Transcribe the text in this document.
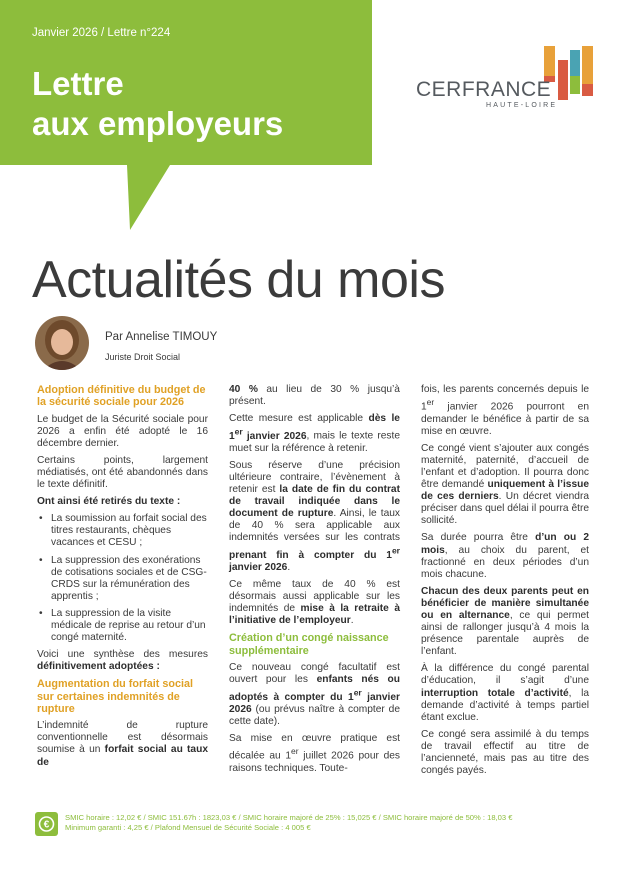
Janvier 2026 / Lettre n°224
Lettre
aux employeurs
CERFRANCE
HAUTE-LOIRE
Actualités du mois
Par Annelise TIMOUY
Juriste Droit Social
Adoption définitive du budget de la sécurité sociale pour 2026

Le budget de la Sécurité sociale pour 2026 a enfin été adopté le 16 décembre dernier.

Certains points, largement médiatisés, ont été abandonnés dans le texte définitif.

Ont ainsi été retirés du texte :

• La soumission au forfait social des titres restaurants, chèques vacances et CESU ;
• La suppression des exonérations de cotisations sociales et de CSG-CRDS sur la rémunération des apprentis ;
• La suppression de la visite médicale de reprise au retour d’un congé maternité.

Voici une synthèse des mesures définitivement adoptées :

Augmentation du forfait social sur certaines indemnités de rupture

L’indemnité de rupture conventionnelle est désormais soumise à un forfait social au taux de

40 % au lieu de 30 % jusqu’à présent.

Cette mesure est applicable dès le 1er janvier 2026, mais le texte reste muet sur la référence à retenir.

Sous réserve d’une précision ultérieure contraire, l’évènement à retenir est la date de fin du contrat de travail indiquée dans le document de rupture. Ainsi, le taux de 40 % sera applicable aux indemnités versées sur les contrats prenant fin à compter du 1er janvier 2026.

Ce même taux de 40 % est désormais aussi applicable sur les indemnités de mise à la retraite à l’initiative de l’employeur.

Création d’un congé naissance supplémentaire

Ce nouveau congé facultatif est ouvert pour les enfants nés ou adoptés à compter du 1er janvier 2026 (ou prévus naître à compter de cette date).

Sa mise en œuvre pratique est décalée au 1er juillet 2026 pour des raisons techniques. Toute-

fois, les parents concernés depuis le 1er janvier 2026 pourront en demander le bénéfice à partir de sa mise en œuvre.

Ce congé vient s’ajouter aux congés maternité, paternité, d’accueil de l’enfant et d’adoption. Il pourra donc être demandé uniquement à l’issue de ces derniers. Un décret viendra préciser dans quel délai il pourra être sollicité.

Sa durée pourra être d’un ou 2 mois, au choix du parent, et fractionné en deux périodes d’un mois chacune.

Chacun des deux parents peut en bénéficier de manière simultanée ou en alternance, ce qui permet ainsi de rallonger jusqu’à 4 mois la présence parentale auprès de l’enfant.

À la différence du congé parental d’éducation, il s’agit d’une interruption totale d’activité, la demande d’activité à temps partiel étant exclue.

Ce congé sera assimilé à du temps de travail effectif au titre de l’ancienneté, mais pas au titre des congés payés.

€
SMIC horaire : 12,02 € / SMIC 151.67h : 1823,03 € / SMIC horaire majoré de 25% : 15,025 € / SMIC horaire majoré de 50% : 18,03 €
Minimum garanti : 4,25 € / Plafond Mensuel de Sécurité Sociale : 4 005 €
